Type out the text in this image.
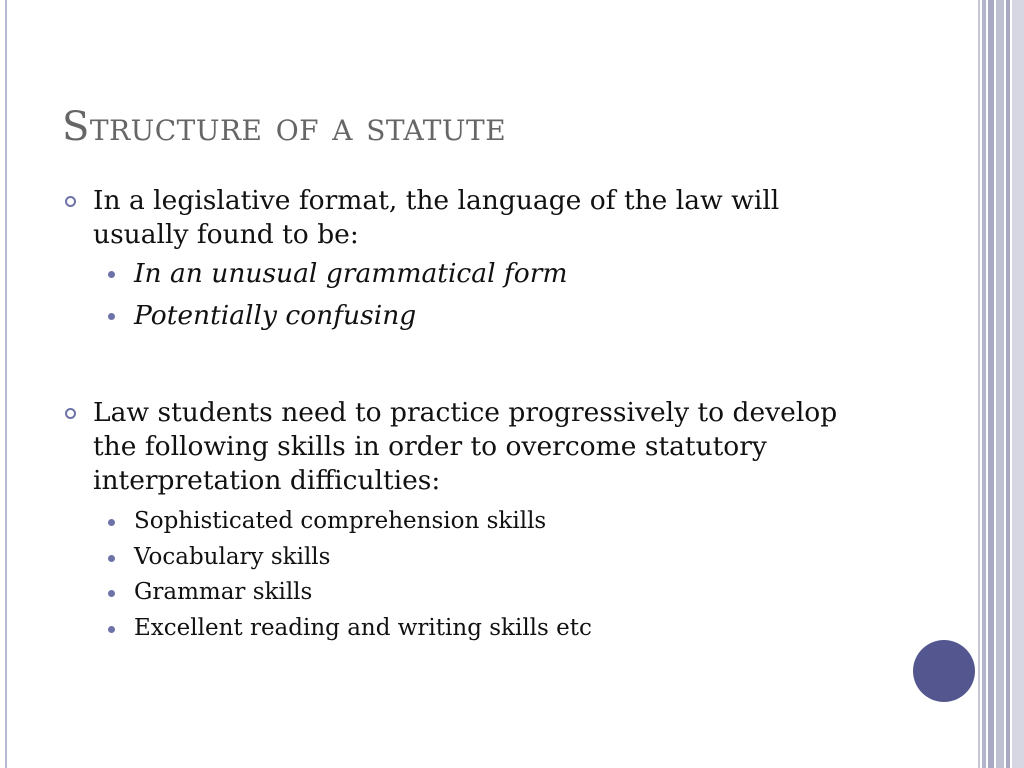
Structure of a statute
In a legislative format, the language of the law will usually found to be:
In an unusual grammatical form
Potentially confusing
Law students need to practice progressively to develop the following skills in order to overcome statutory interpretation difficulties:
Sophisticated comprehension skills
Vocabulary skills
Grammar skills
Excellent reading and writing skills etc
